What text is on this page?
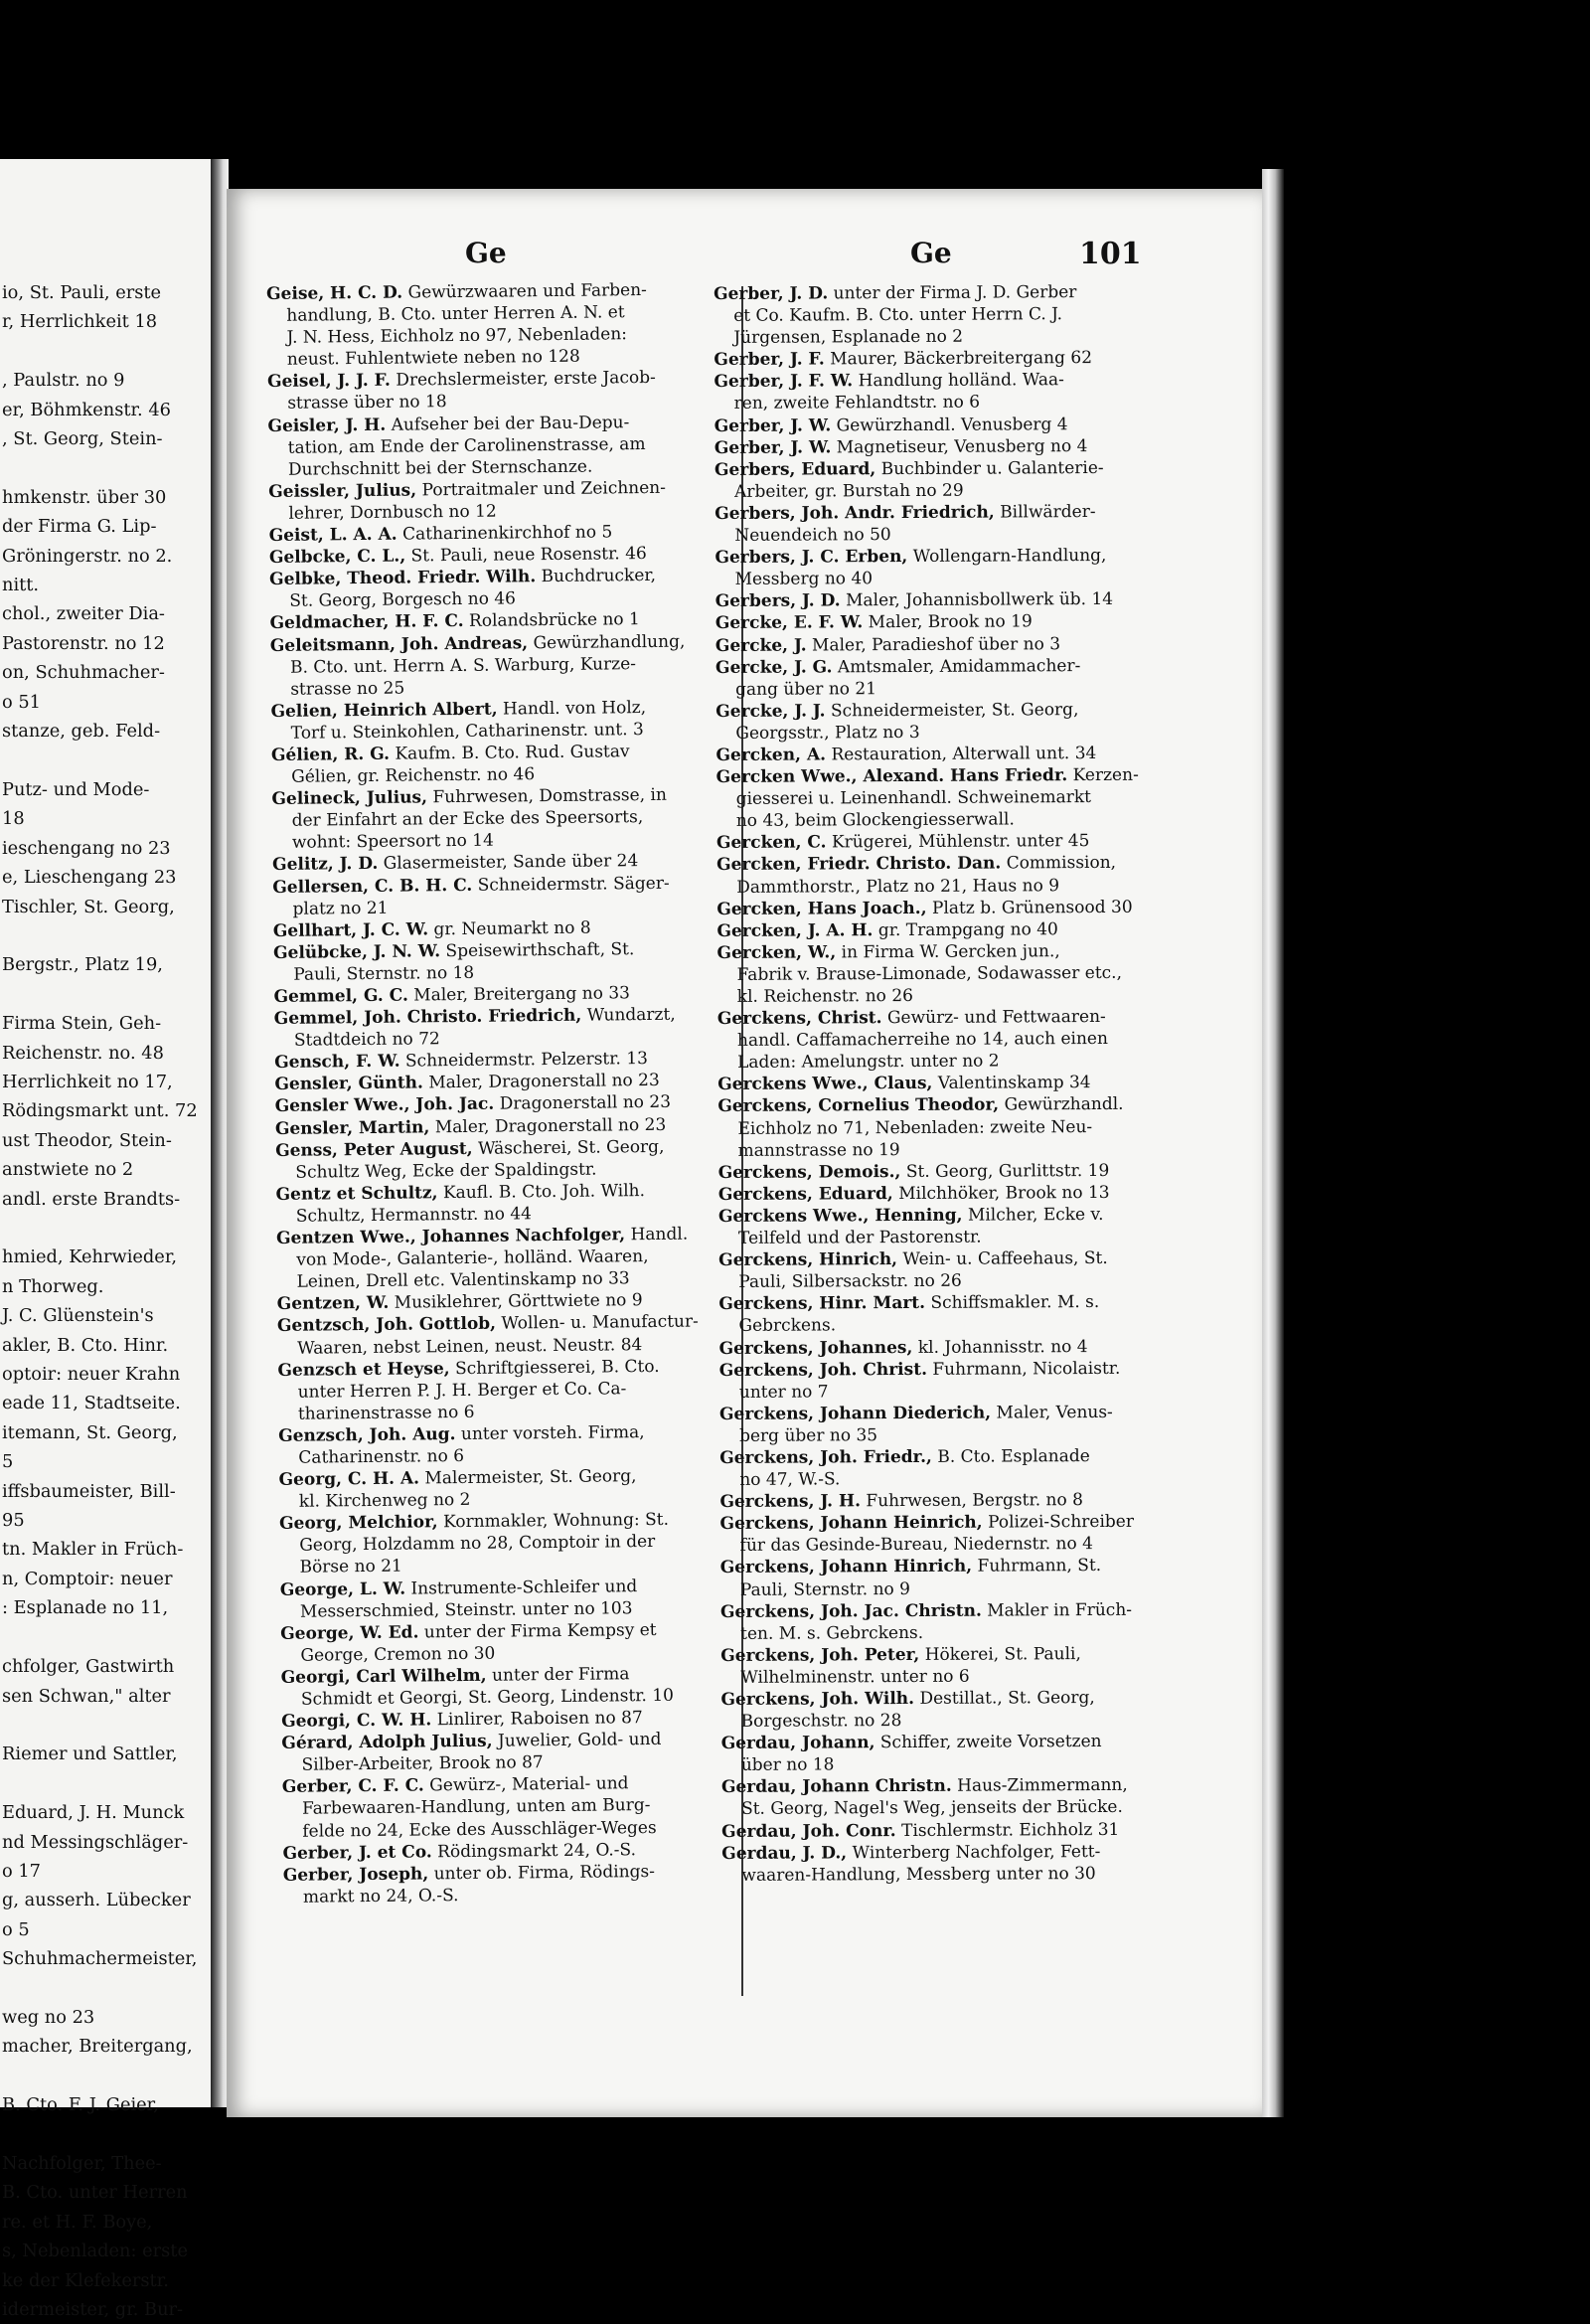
io, St. Pauli, erste
r, Herrlichkeit 18

, Paulstr. no 9
er, Böhmkenstr. 46
, St. Georg, Stein-

hmkenstr. über 30
der Firma G. Lip-
Gröningerstr. no 2.
nitt.
chol., zweiter Dia-
Pastorenstr. no 12
on, Schuhmacher-
o 51
stanze, geb. Feld-

Putz- und Mode-
18
ieschengang no 23
e, Lieschengang 23
Tischler, St. Georg,

Bergstr., Platz 19,

Firma Stein, Geh-
Reichenstr. no. 48
Herrlichkeit no 17,
Rödingsmarkt unt. 72
ust Theodor, Stein-
anstwiete no 2
andl. erste Brandts-

hmied, Kehrwieder,
n Thorweg.
J. C. Glüenstein's
akler, B. Cto. Hinr.
optoir: neuer Krahn
eade 11, Stadtseite.
itemann, St. Georg,
5
iffsbaumeister, Bill-
95
tn. Makler in Früch-
n, Comptoir: neuer
: Esplanade no 11,

chfolger, Gastwirth
sen Schwan," alter

Riemer und Sattler,

Eduard, J. H. Munck
nd Messingschläger-
o 17
g, ausserh. Lübecker
o 5
Schuhmachermeister,

weg no 23
macher, Breitergang,

B. Cto. F. J. Geier,

Nachfolger, Thee-
B. Cto. unter Herren
re. et H. F. Boye,
s, Nebenladen: erste
ke der Klefekerstr.
idermeister, gr. Bur-
Ge	Ge	101

Geise, H. C. D. Gewürzwaaren und Farben-
handlung, B. Cto. unter Herren A. N. et
J. N. Hess, Eichholz no 97, Nebenladen:
neust. Fuhlentwiete neben no 128

Geisel, J. J. F. Drechslermeister, erste Jacob-
strasse über no 18

Geisler, J. H. Aufseher bei der Bau-Depu-
tation, am Ende der Carolinenstrasse, am
Durchschnitt bei der Sternschanze.

Geissler, Julius, Portraitmaler und Zeichnen-
lehrer, Dornbusch no 12

Geist, L. A. A. Catharinenkirchhof no 5

Gelbcke, C. L., St. Pauli, neue Rosenstr. 46

Gelbke, Theod. Friedr. Wilh. Buchdrucker,
St. Georg, Borgesch no 46

Geldmacher, H. F. C. Rolandsbrücke no 1

Geleitsmann, Joh. Andreas, Gewürzhandlung,
B. Cto. unt. Herrn A. S. Warburg, Kurze-
strasse no 25

Gelien, Heinrich Albert, Handl. von Holz,
Torf u. Steinkohlen, Catharinenstr. unt. 3

Gélien, R. G. Kaufm. B. Cto. Rud. Gustav
Gélien, gr. Reichenstr. no 46

Gelineck, Julius, Fuhrwesen, Domstrasse, in
der Einfahrt an der Ecke des Speersorts,
wohnt: Speersort no 14

Gelitz, J. D. Glasermeister, Sande über 24

Gellersen, C. B. H. C. Schneidermstr. Säger-
platz no 21

Gellhart, J. C. W. gr. Neumarkt no 8

Gelübcke, J. N. W. Speisewirthschaft, St.
Pauli, Sternstr. no 18

Gemmel, G. C. Maler, Breitergang no 33

Gemmel, Joh. Christo. Friedrich, Wundarzt,
Stadtdeich no 72

Gensch, F. W. Schneidermstr. Pelzerstr. 13

Gensler, Günth. Maler, Dragonerstall no 23

Gensler Wwe., Joh. Jac. Dragonerstall no 23

Gensler, Martin, Maler, Dragonerstall no 23

Genss, Peter August, Wäscherei, St. Georg,
Schultz Weg, Ecke der Spaldingstr.

Gentz et Schultz, Kaufl. B. Cto. Joh. Wilh.
Schultz, Hermannstr. no 44

Gentzen Wwe., Johannes Nachfolger, Handl.
von Mode-, Galanterie-, holländ. Waaren,
Leinen, Drell etc. Valentinskamp no 33

Gentzen, W. Musiklehrer, Görttwiete no 9

Gentzsch, Joh. Gottlob, Wollen- u. Manufactur-
Waaren, nebst Leinen, neust. Neustr. 84

Genzsch et Heyse, Schriftgiesserei, B. Cto.
unter Herren P. J. H. Berger et Co. Ca-
tharinenstrasse no 6

Genzsch, Joh. Aug. unter vorsteh. Firma,
Catharinenstr. no 6

Georg, C. H. A. Malermeister, St. Georg,
kl. Kirchenweg no 2

Georg, Melchior, Kornmakler, Wohnung: St.
Georg, Holzdamm no 28, Comptoir in der
Börse no 21

George, L. W. Instrumente-Schleifer und
Messerschmied, Steinstr. unter no 103

George, W. Ed. unter der Firma Kempsy et
George, Cremon no 30

Georgi, Carl Wilhelm, unter der Firma
Schmidt et Georgi, St. Georg, Lindenstr. 10

Georgi, C. W. H. Linlirer, Raboisen no 87

Gérard, Adolph Julius, Juwelier, Gold- und
Silber-Arbeiter, Brook no 87

Gerber, C. F. C. Gewürz-, Material- und
Farbewaaren-Handlung, unten am Burg-
felde no 24, Ecke des Ausschläger-Weges

Gerber, J. et Co. Rödingsmarkt 24, O.-S.

Gerber, Joseph, unter ob. Firma, Rödings-
markt no 24, O.-S.

Gerber, J. D. unter der Firma J. D. Gerber
et Co. Kaufm. B. Cto. unter Herrn C. J.
Jürgensen, Esplanade no 2

Gerber, J. F. Maurer, Bäckerbreitergang 62

Gerber, J. F. W. Handlung holländ. Waa-
ren, zweite Fehlandtstr. no 6

Gerber, J. W. Gewürzhandl. Venusberg 4

Gerber, J. W. Magnetiseur, Venusberg no 4

Gerbers, Eduard, Buchbinder u. Galanterie-
Arbeiter, gr. Burstah no 29

Gerbers, Joh. Andr. Friedrich, Billwärder-
Neuendeich no 50

Gerbers, J. C. Erben, Wollengarn-Handlung,
Messberg no 40

Gerbers, J. D. Maler, Johannisbollwerk üb. 14

Gercke, E. F. W. Maler, Brook no 19

Gercke, J. Maler, Paradieshof über no 3

Gercke, J. G. Amtsmaler, Amidammacher-
gang über no 21

Gercke, J. J. Schneidermeister, St. Georg,
Georgsstr., Platz no 3

Gercken, A. Restauration, Alterwall unt. 34

Gercken Wwe., Alexand. Hans Friedr. Kerzen-
giesserei u. Leinenhandl. Schweinemarkt
no 43, beim Glockengiesserwall.

Gercken, C. Krügerei, Mühlenstr. unter 45

Gercken, Friedr. Christo. Dan. Commission,
Dammthorstr., Platz no 21, Haus no 9

Gercken, Hans Joach., Platz b. Grünensood 30

Gercken, J. A. H. gr. Trampgang no 40

Gercken, W., in Firma W. Gercken jun.,
Fabrik v. Brause-Limonade, Sodawasser etc.,
kl. Reichenstr. no 26

Gerckens, Christ. Gewürz- und Fettwaaren-
handl. Caffamacherreihe no 14, auch einen
Laden: Amelungstr. unter no 2

Gerckens Wwe., Claus, Valentinskamp 34

Gerckens, Cornelius Theodor, Gewürzhandl.
Eichholz no 71, Nebenladen: zweite Neu-
mannstrasse no 19

Gerckens, Demois., St. Georg, Gurlittstr. 19

Gerckens, Eduard, Milchhöker, Brook no 13

Gerckens Wwe., Henning, Milcher, Ecke v.
Teilfeld und der Pastorenstr.

Gerckens, Hinrich, Wein- u. Caffeehaus, St.
Pauli, Silbersackstr. no 26

Gerckens, Hinr. Mart. Schiffsmakler. M. s.
Gebrckens.

Gerckens, Johannes, kl. Johannisstr. no 4

Gerckens, Joh. Christ. Fuhrmann, Nicolaistr.
unter no 7

Gerckens, Johann Diederich, Maler, Venus-
berg über no 35

Gerckens, Joh. Friedr., B. Cto. Esplanade
no 47, W.-S.

Gerckens, J. H. Fuhrwesen, Bergstr. no 8

Gerckens, Johann Heinrich, Polizei-Schreiber
für das Gesinde-Bureau, Niedernstr. no 4

Gerckens, Johann Hinrich, Fuhrmann, St.
Pauli, Sternstr. no 9

Gerckens, Joh. Jac. Christn. Makler in Früch-
ten. M. s. Gebrckens.

Gerckens, Joh. Peter, Hökerei, St. Pauli,
Wilhelminenstr. unter no 6

Gerckens, Joh. Wilh. Destillat., St. Georg,
Borgeschstr. no 28

Gerdau, Johann, Schiffer, zweite Vorsetzen
über no 18

Gerdau, Johann Christn. Haus-Zimmermann,
St. Georg, Nagel's Weg, jenseits der Brücke.

Gerdau, Joh. Conr. Tischlermstr. Eichholz 31

Gerdau, J. D., Winterberg Nachfolger, Fett-
waaren-Handlung, Messberg unter no 30
